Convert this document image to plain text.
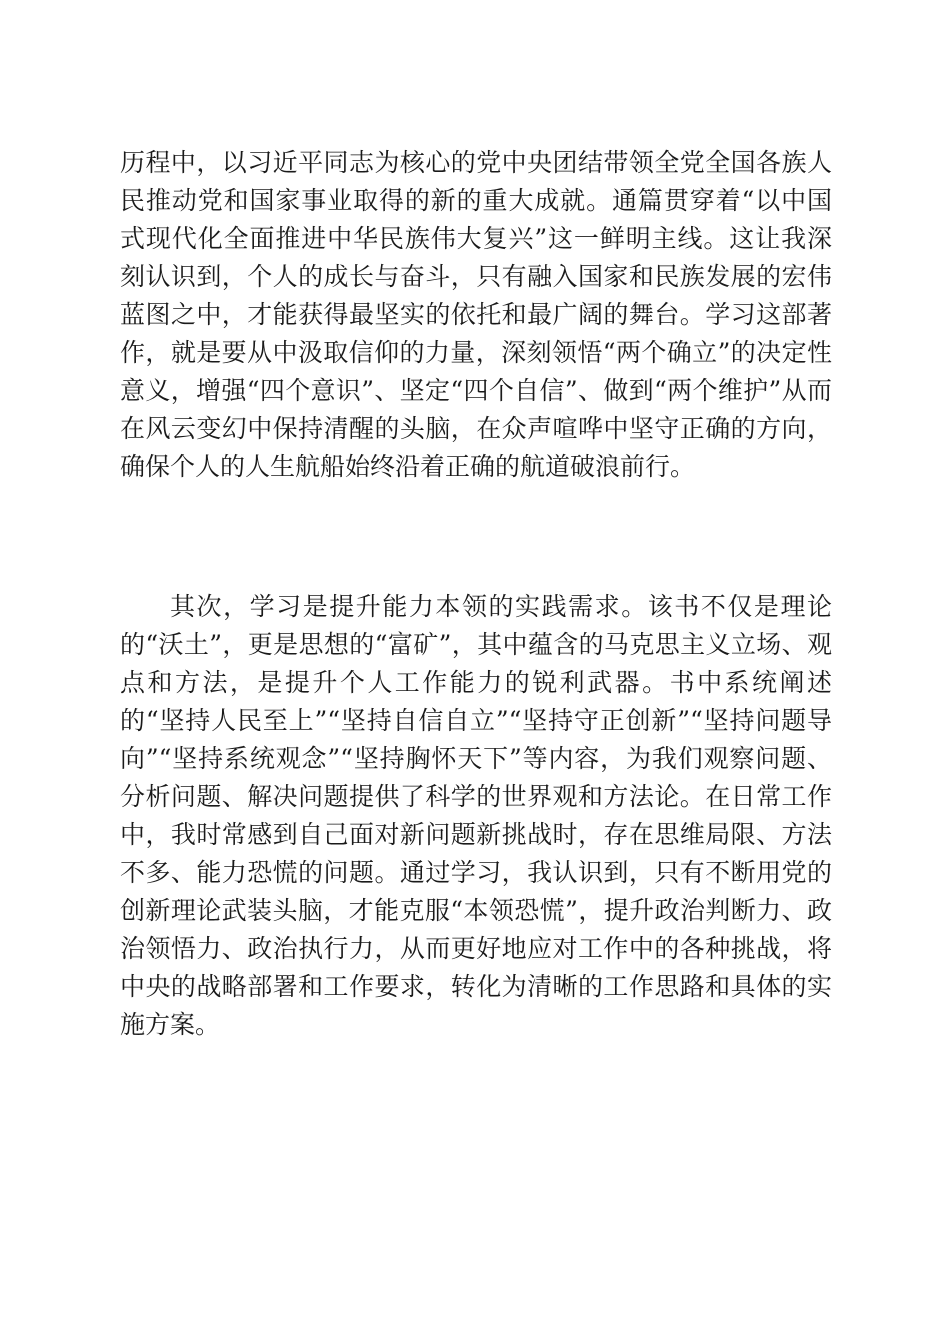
历程中，以习近平同志为核心的党中央团结带领全党全国各族人民推动党和国家事业取得的新的重大成就。通篇贯穿着“以中国式现代化全面推进中华民族伟大复兴”这一鲜明主线。这让我深刻认识到，个人的成长与奋斗，只有融入国家和民族发展的宏伟蓝图之中，才能获得最坚实的依托和最广阔的舞台。学习这部著作，就是要从中汲取信仰的力量，深刻领悟“两个确立”的决定性意义，增强“四个意识”、坚定“四个自信”、做到“两个维护”从而在风云变幻中保持清醒的头脑，在众声喧哗中坚守正确的方向，确保个人的人生航船始终沿着正确的航道破浪前行。

其次，学习是提升能力本领的实践需求。该书不仅是理论的“沃土”，更是思想的“富矿”，其中蕴含的马克思主义立场、观点和方法，是提升个人工作能力的锐利武器。书中系统阐述的“坚持人民至上”“坚持自信自立”“坚持守正创新”“坚持问题导向”“坚持系统观念”“坚持胸怀天下”等内容，为我们观察问题、分析问题、解决问题提供了科学的世界观和方法论。在日常工作中，我时常感到自己面对新问题新挑战时，存在思维局限、方法不多、能力恐慌的问题。通过学习，我认识到，只有不断用党的创新理论武装头脑，才能克服“本领恐慌”，提升政治判断力、政治领悟力、政治执行力，从而更好地应对工作中的各种挑战，将中央的战略部署和工作要求，转化为清晰的工作思路和具体的实施方案。
